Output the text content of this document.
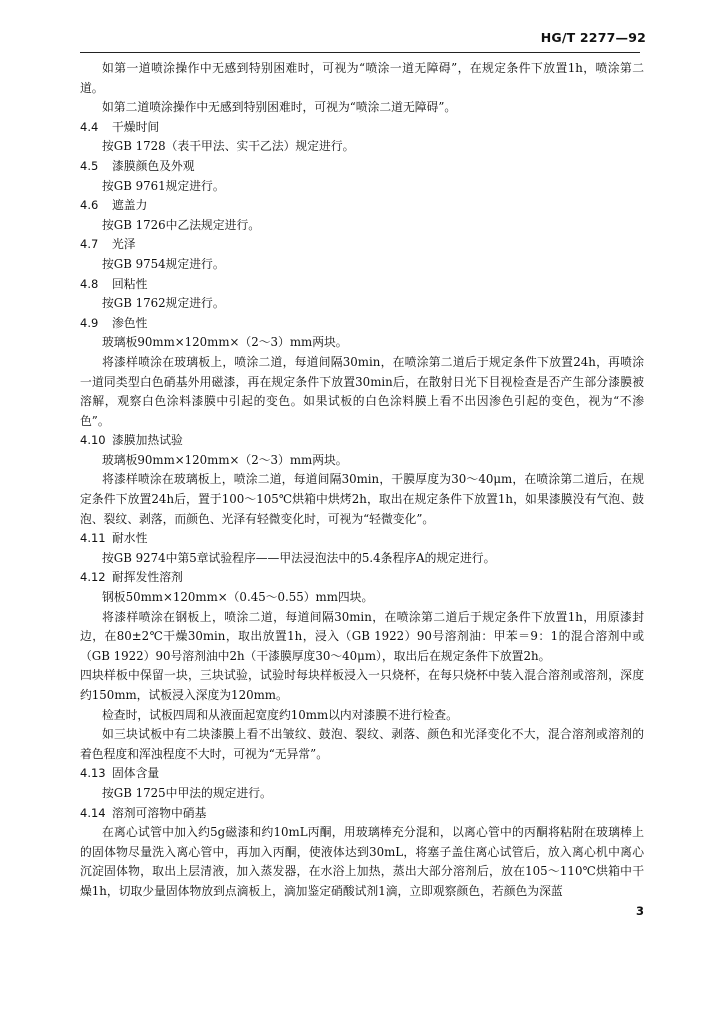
HG/T 2277—92

如第一道喷涂操作中无感到特别困难时，可视为“喷涂一道无障碍”，在规定条件下放置1h，喷涂第二道。

如第二道喷涂操作中无感到特别困难时，可视为“喷涂二道无障碍”。

4.4	干燥时间

按GB 1728（表干甲法、实干乙法）规定进行。

4.5	漆膜颜色及外观

按GB 9761规定进行。

4.6	遮盖力

按GB 1726中乙法规定进行。

4.7	光泽

按GB 9754规定进行。

4.8	回粘性

按GB 1762规定进行。

4.9	渗色性

玻璃板90mm×120mm×（2～3）mm两块。

将漆样喷涂在玻璃板上，喷涂二道，每道间隔30min，在喷涂第二道后于规定条件下放置24h，再喷涂一道同类型白色硝基外用磁漆，再在规定条件下放置30min后，在散射日光下目视检查是否产生部分漆膜被溶解，观察白色涂料漆膜中引起的变色。如果试板的白色涂料膜上看不出因渗色引起的变色，视为“不渗色”。

4.10 漆膜加热试验

玻璃板90mm×120mm×（2～3）mm两块。

将漆样喷涂在玻璃板上，喷涂二道，每道间隔30min，干膜厚度为30～40μm，在喷涂第二道后，在规定条件下放置24h后，置于100～105℃烘箱中烘烤2h，取出在规定条件下放置1h，如果漆膜没有气泡、鼓泡、裂纹、剥落，而颜色、光泽有轻微变化时，可视为“轻微变化”。

4.11 耐水性

按GB 9274中第5章试验程序——甲法浸泡法中的5.4条程序A的规定进行。

4.12 耐挥发性溶剂

钢板50mm×120mm×（0.45～0.55）mm四块。

将漆样喷涂在钢板上，喷涂二道，每道间隔30min，在喷涂第二道后于规定条件下放置1h，用原漆封边，在80±2℃干燥30min，取出放置1h，浸入（GB 1922）90号溶剂油：甲苯＝9：1的混合溶剂中或（GB 1922）90号溶剂油中2h（干漆膜厚度30～40μm），取出后在规定条件下放置2h。

四块样板中保留一块，三块试验，试验时每块样板浸入一只烧杯，在每只烧杯中装入混合溶剂或溶剂，深度约150mm，试板浸入深度为120mm。

检查时，试板四周和从液面起宽度约10mm以内对漆膜不进行检查。

如三块试板中有二块漆膜上看不出皱纹、鼓泡、裂纹、剥落、颜色和光泽变化不大，混合溶剂或溶剂的着色程度和浑浊程度不大时，可视为“无异常”。

4.13 固体含量

按GB 1725中甲法的规定进行。

4.14 溶剂可溶物中硝基

在离心试管中加入约5g磁漆和约10mL丙酮，用玻璃棒充分混和，以离心管中的丙酮将粘附在玻璃棒上的固体物尽量洗入离心管中，再加入丙酮，使液体达到30mL，将塞子盖住离心试管后，放入离心机中离心沉淀固体物，取出上层清液，加入蒸发器，在水浴上加热，蒸出大部分溶剂后，放在105～110℃烘箱中干燥1h，切取少量固体物放到点滴板上，滴加鉴定硝酸试剂1滴，立即观察颜色，若颜色为深蓝

3
